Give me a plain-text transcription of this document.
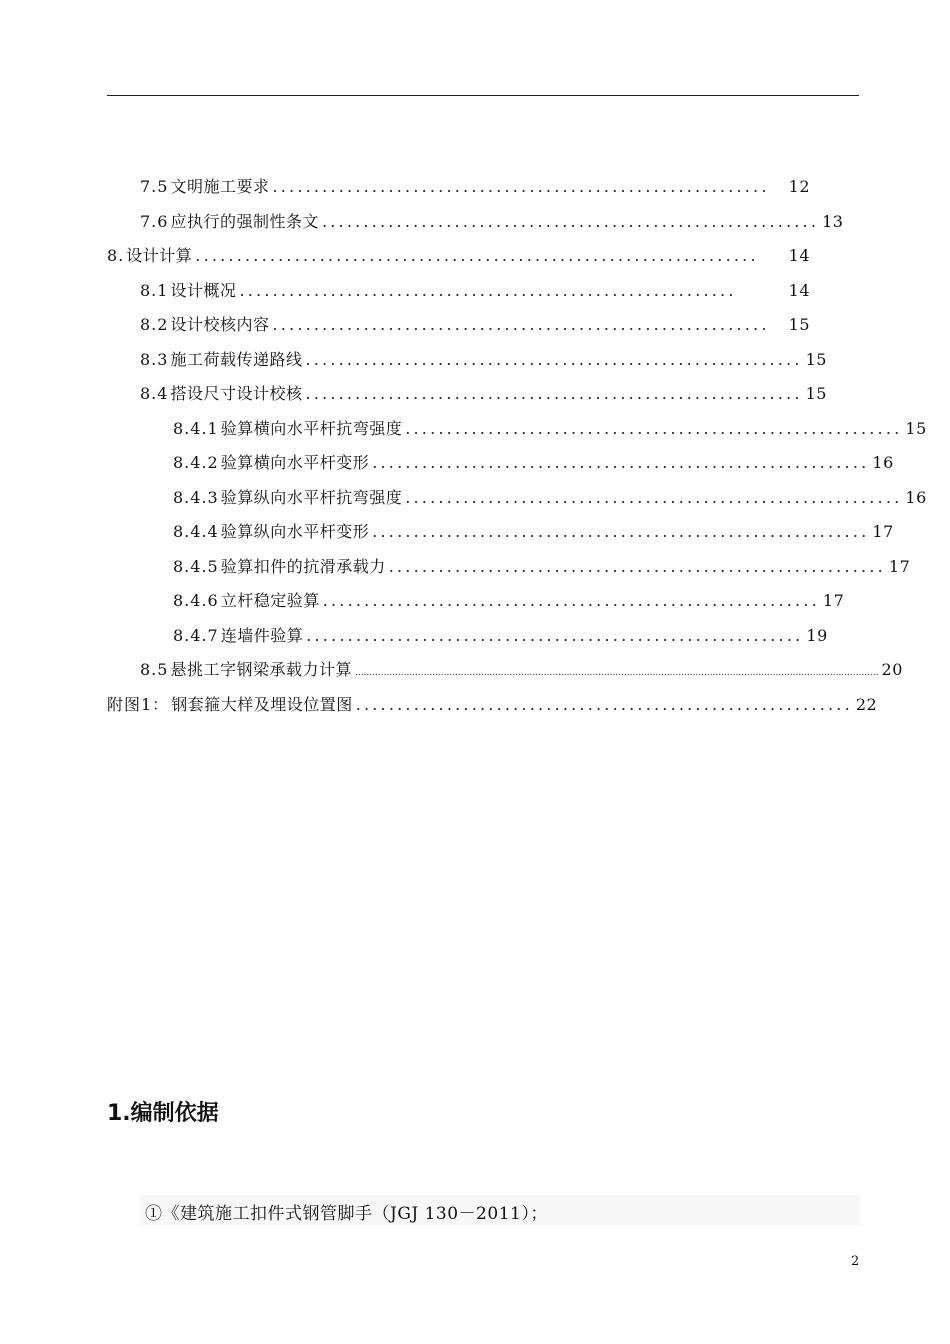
7.5 文明施工要求 ............................................................	12
7.6 应执行的强制性条文 ............................................................ 13
8. 设计计算 ....................................................................	14
8.1 设计概况 ............................................................	14
8.2 设计校核内容 ............................................................	15
8.3 施工荷载传递路线 ............................................................ 15
8.4 搭设尺寸设计校核 ............................................................ 15
8.4.1 验算横向水平杆抗弯强度 ............................................................ 15
8.4.2 验算横向水平杆变形 ............................................................ 16
8.4.3 验算纵向水平杆抗弯强度 ............................................................ 16
8.4.4 验算纵向水平杆变形 ............................................................ 17
8.4.5 验算扣件的抗滑承载力 ............................................................ 17
8.4.6 立杆稳定验算 ............................................................ 17
8.4.7 连墙件验算 ............................................................ 19
8.5 悬挑工字钢梁承载力计算 ....................................................................................................................................................................................... 20
附图1： 钢套箍大样及埋设位置图 ............................................................ 22
1.编制依据
①《建筑施工扣件式钢管脚手（JGJ 130－2011）；
2
